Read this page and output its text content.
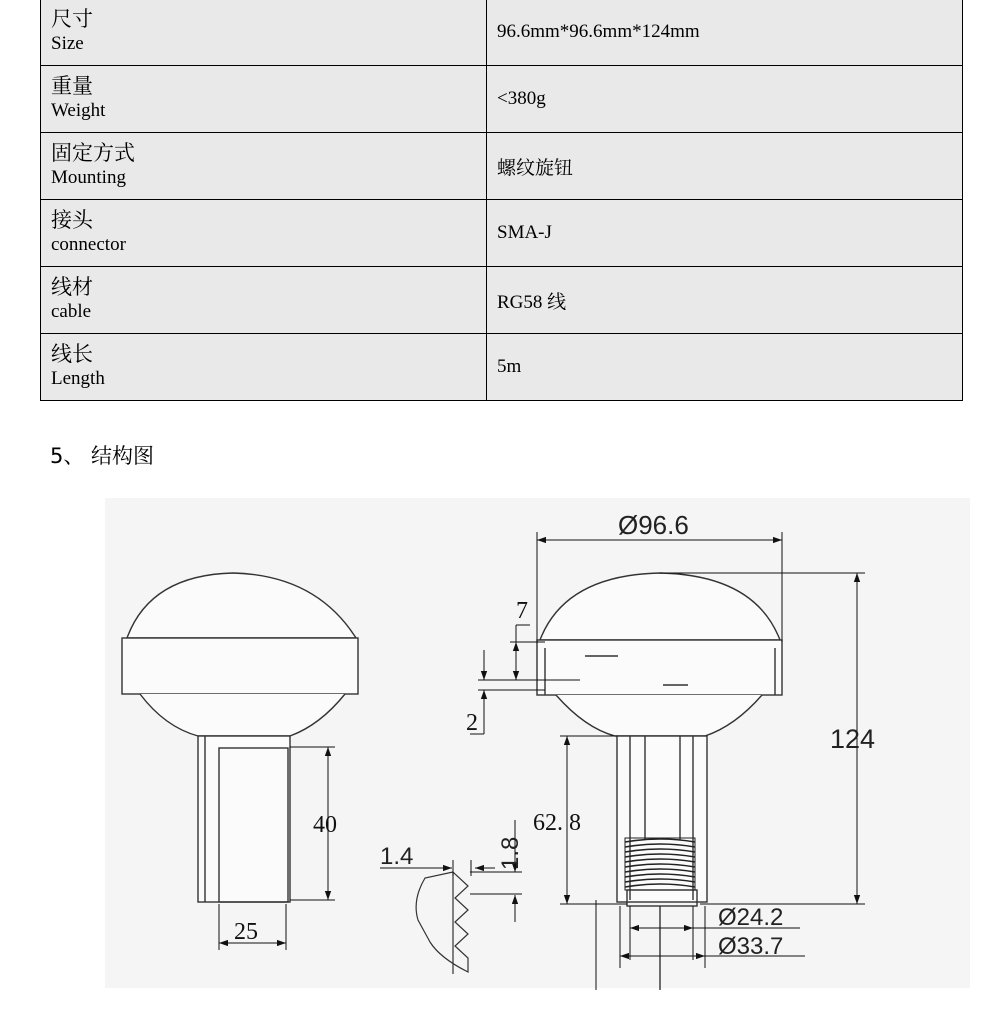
尺寸
Size	96.6mm*96.6mm*124mm

重量
Weight	<380g

固定方式
Mounting	螺纹旋钮

接头
connector	SMA-J

线材
cable	RG58 线

线长
Length	5m
5、 结构图
40
25
1.4	1.8
Ø96.6
124
7
2
62. 8
Ø24.2
Ø33.7
